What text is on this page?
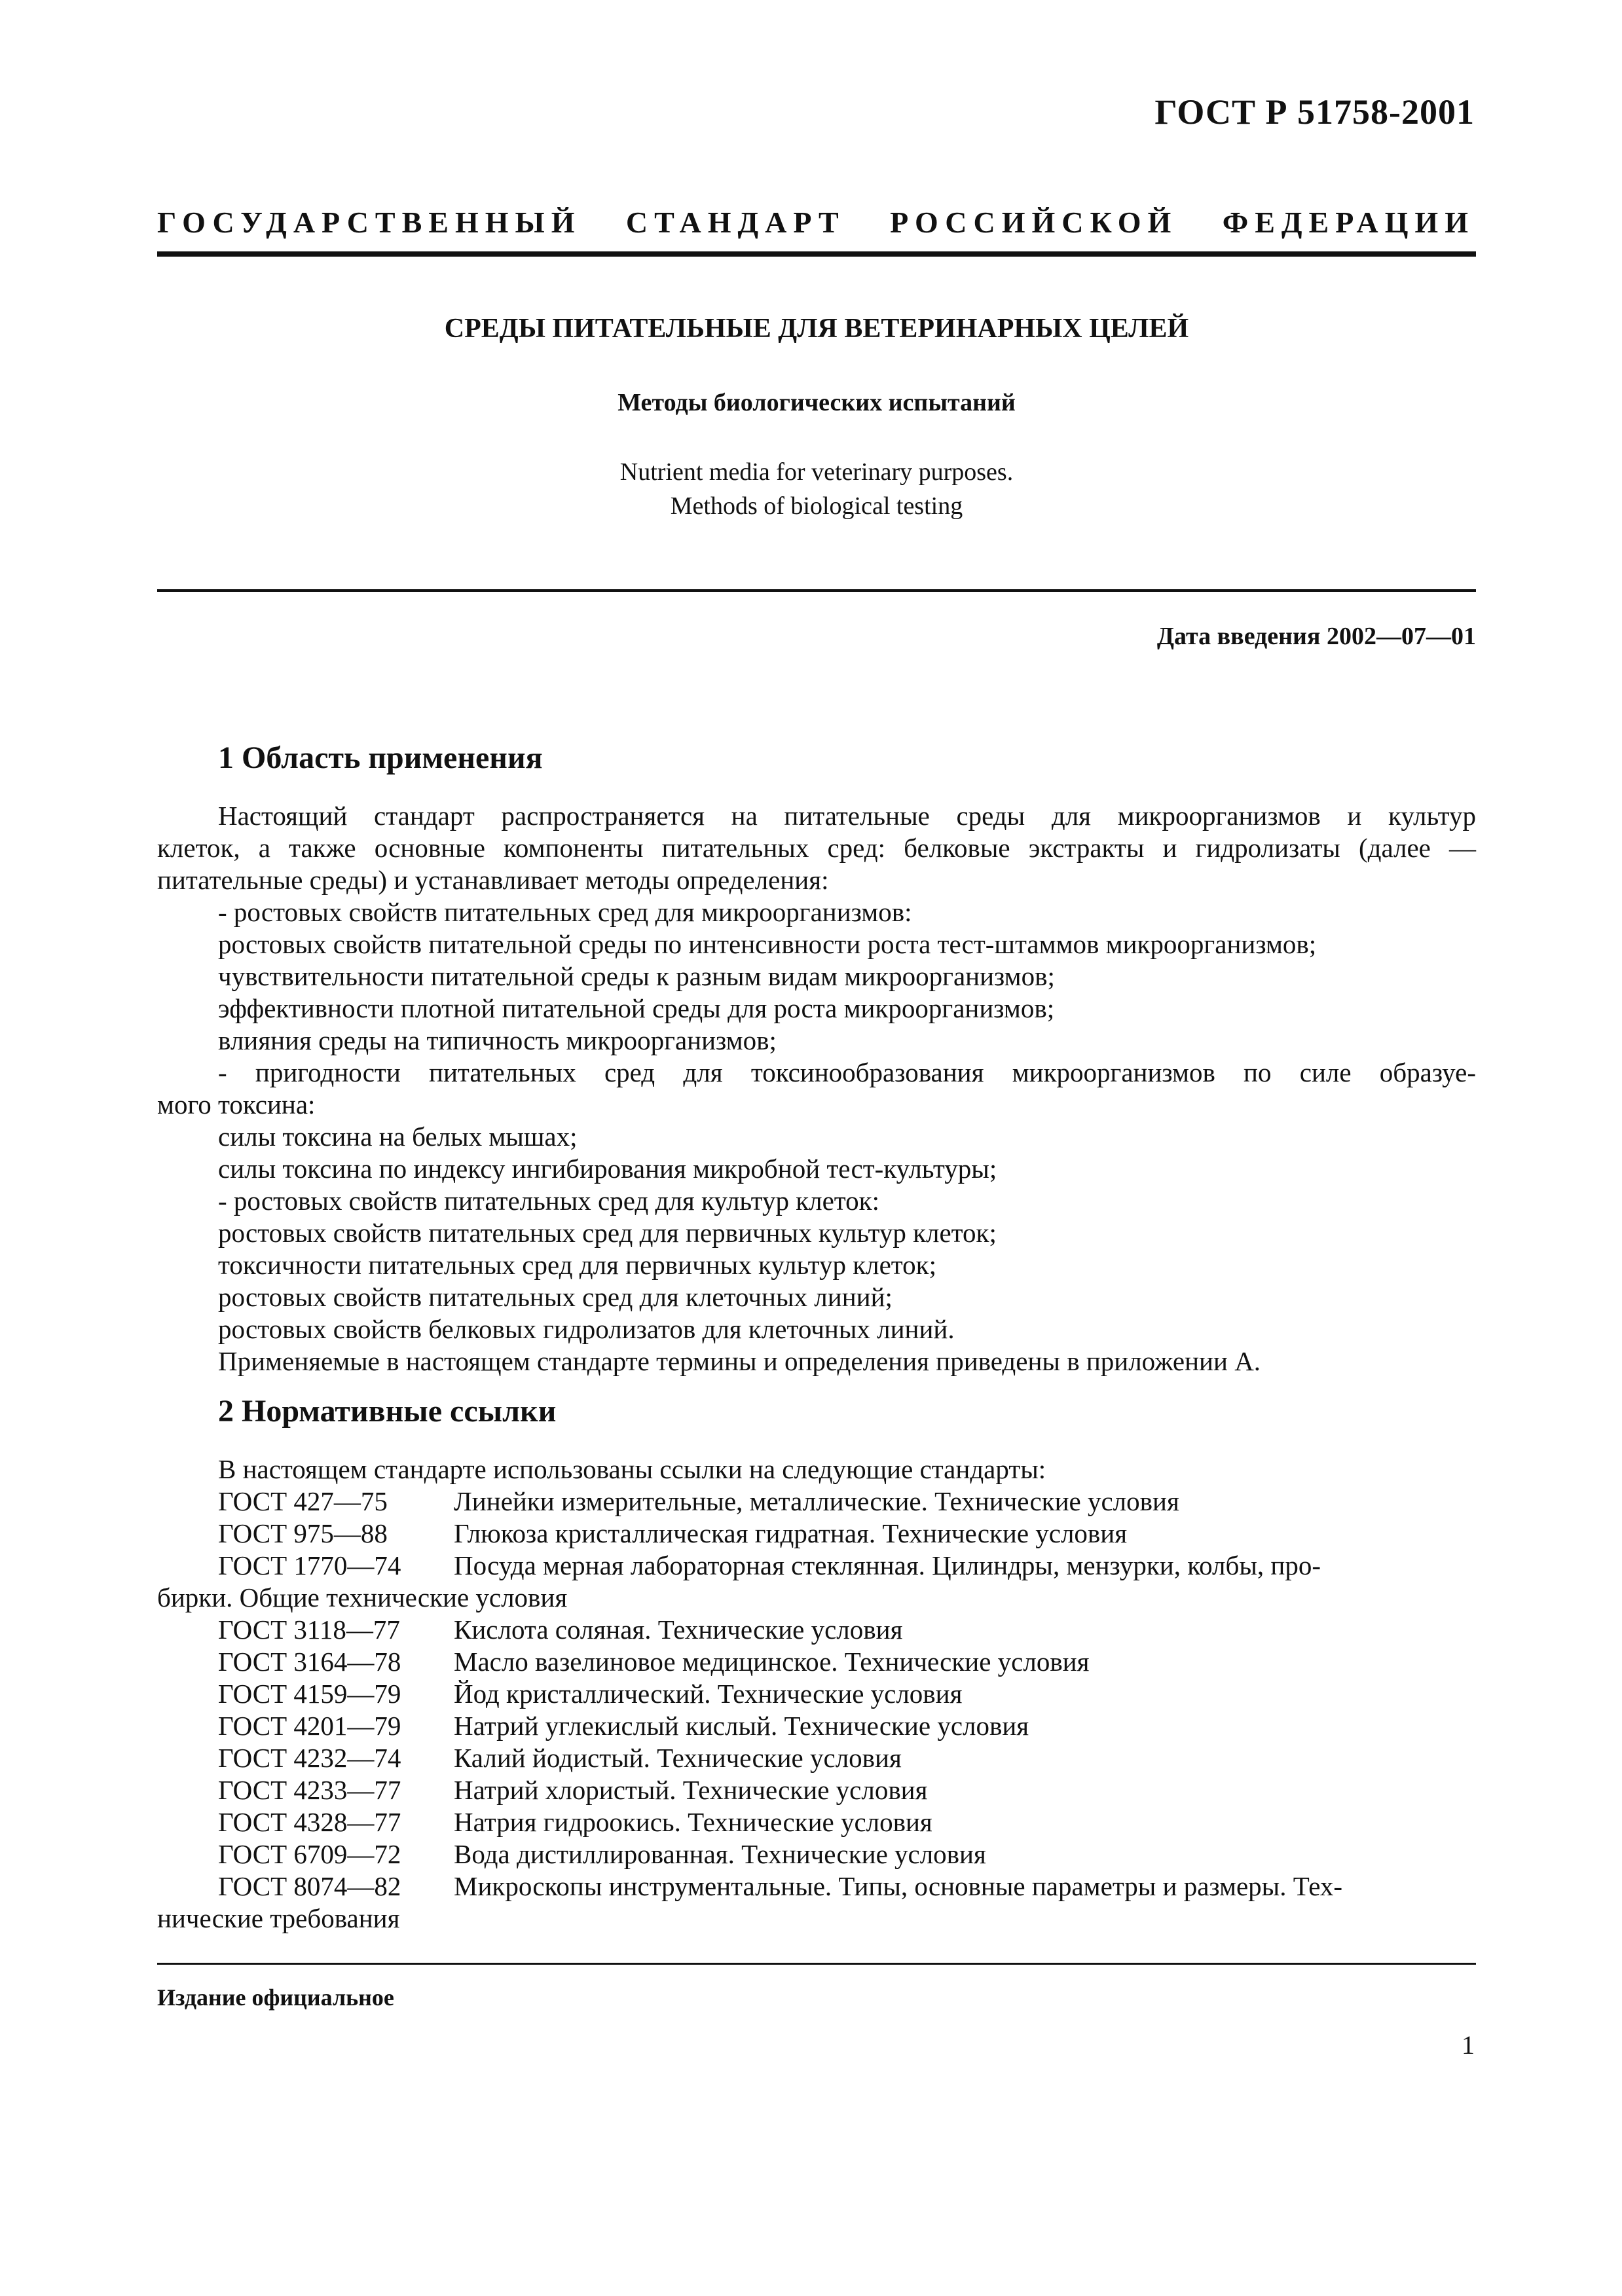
ГОСТ Р 51758-2001
ГОСУДАРСТВЕННЫЙ СТАНДАРТ РОССИЙСКОЙ ФЕДЕРАЦИИ
СРЕДЫ ПИТАТЕЛЬНЫЕ ДЛЯ ВЕТЕРИНАРНЫХ ЦЕЛЕЙ
Методы биологических испытаний
Nutrient media for veterinary purposes.
Methods of biological testing
Дата введения 2002—07—01
1 Область применения
Настоящий стандарт распространяется на питательные среды для микроорганизмов и культур
клеток, а также основные компоненты питательных сред: белковые экстракты и гидролизаты (далее —
питательные среды) и устанавливает методы определения:
- ростовых свойств питательных сред для микроорганизмов:
ростовых свойств питательной среды по интенсивности роста тест-штаммов микроорганизмов;
чувствительности питательной среды к разным видам микроорганизмов;
эффективности плотной питательной среды для роста микроорганизмов;
влияния среды на типичность микроорганизмов;
- пригодности питательных сред для токсинообразования микроорганизмов по силе образуе-
мого токсина:
силы токсина на белых мышах;
силы токсина по индексу ингибирования микробной тест-культуры;
- ростовых свойств питательных сред для культур клеток:
ростовых свойств питательных сред для первичных культур клеток;
токсичности питательных сред для первичных культур клеток;
ростовых свойств питательных сред для клеточных линий;
ростовых свойств белковых гидролизатов для клеточных линий.
Применяемые в настоящем стандарте термины и определения приведены в приложении А.
2 Нормативные ссылки
В настоящем стандарте использованы ссылки на следующие стандарты:
ГОСТ 427—75 Линейки измерительные, металлические. Технические условия
ГОСТ 975—88 Глюкоза кристаллическая гидратная. Технические условия
ГОСТ 1770—74 Посуда мерная лабораторная стеклянная. Цилиндры, мензурки, колбы, про-
бирки. Общие технические условия
ГОСТ 3118—77 Кислота соляная. Технические условия
ГОСТ 3164—78 Масло вазелиновое медицинское. Технические условия
ГОСТ 4159—79 Йод кристаллический. Технические условия
ГОСТ 4201—79 Натрий углекислый кислый. Технические условия
ГОСТ 4232—74 Калий йодистый. Технические условия
ГОСТ 4233—77 Натрий хлористый. Технические условия
ГОСТ 4328—77 Натрия гидроокись. Технические условия
ГОСТ 6709—72 Вода дистиллированная. Технические условия
ГОСТ 8074—82 Микроскопы инструментальные. Типы, основные параметры и размеры. Тех-
нические требования
Издание официальное
1
